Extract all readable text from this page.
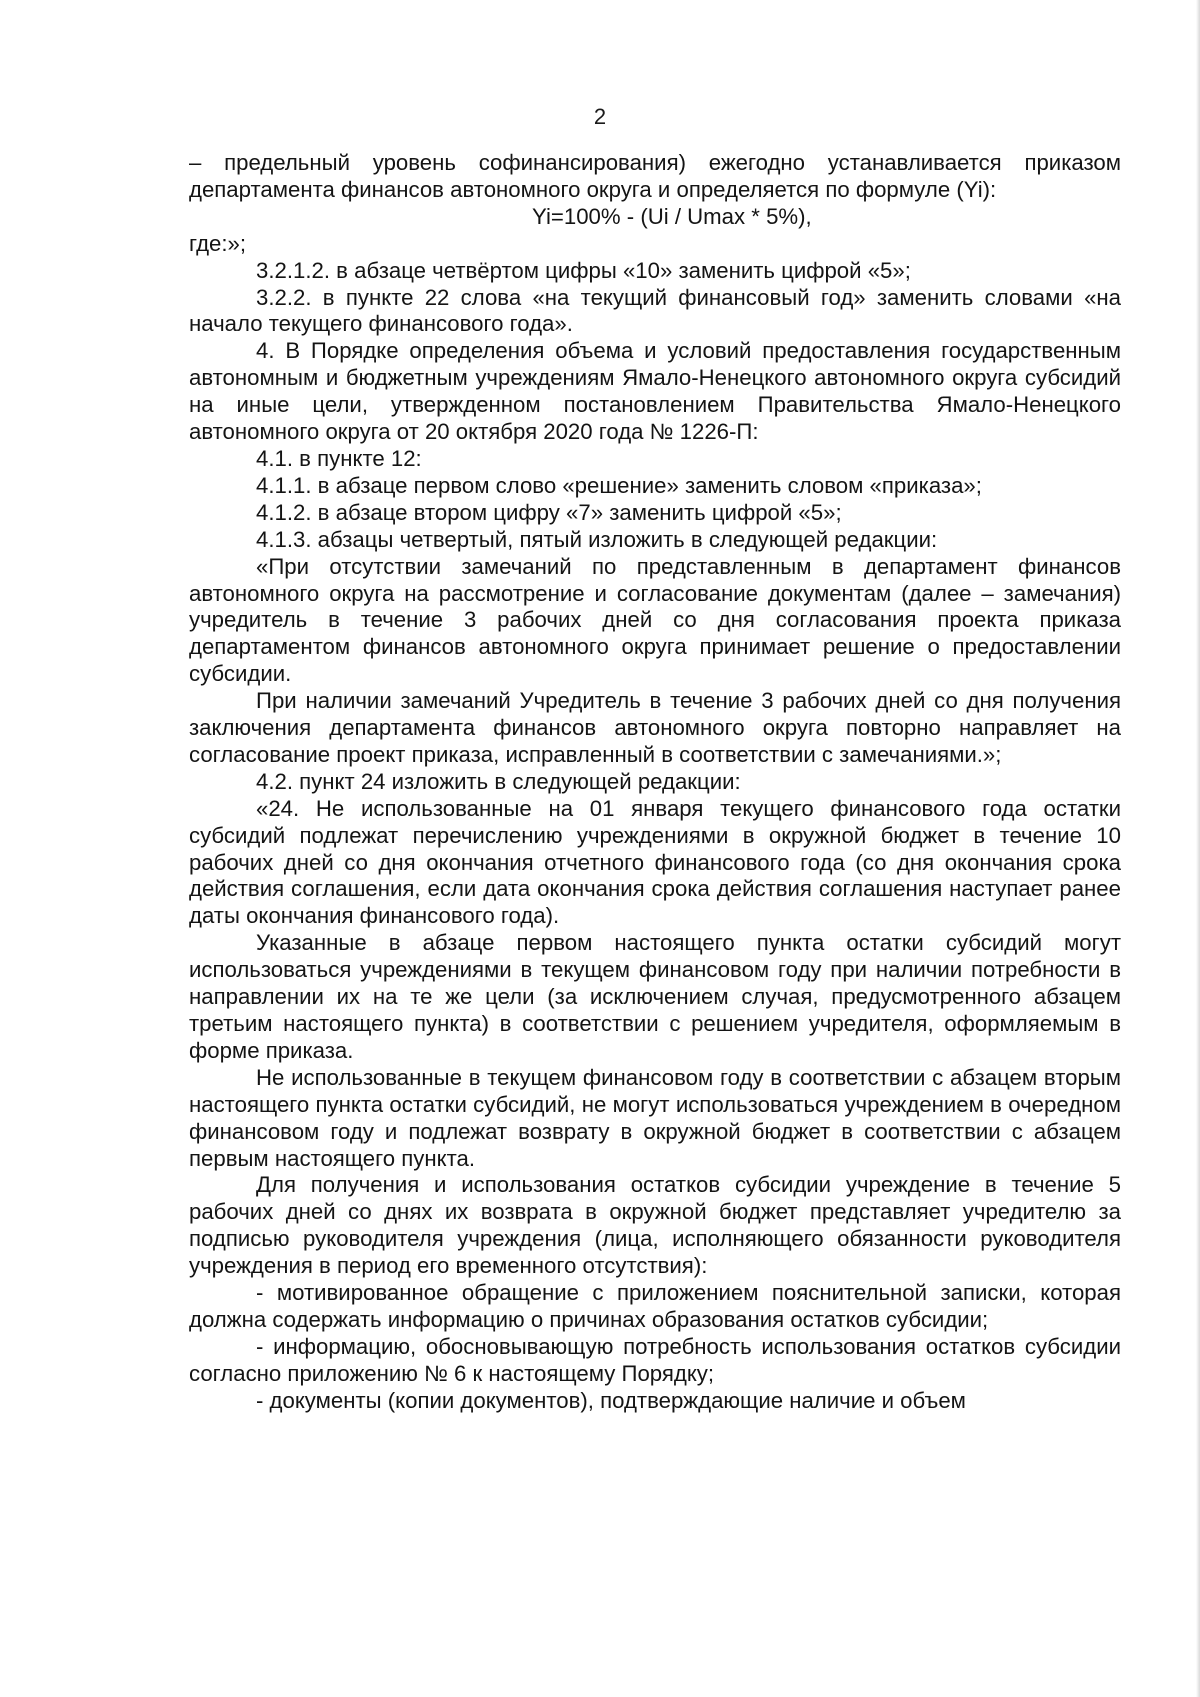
2

– предельный уровень софинансирования) ежегодно устанавливается приказом департамента финансов автономного округа и определяется по формуле (Yi):

Yi=100% - (Ui / Umax * 5%),

где:»;

3.2.1.2. в абзаце четвёртом цифры «10» заменить цифрой «5»;

3.2.2. в пункте 22 слова «на текущий финансовый год» заменить словами «на начало текущего финансового года».

4. В Порядке определения объема и условий предоставления государственным автономным и бюджетным учреждениям Ямало-Ненецкого автономного округа субсидий на иные цели, утвержденном постановлением Правительства Ямало-Ненецкого автономного округа от 20 октября 2020 года № 1226-П:

4.1. в пункте 12:

4.1.1. в абзаце первом слово «решение» заменить словом «приказа»;

4.1.2. в абзаце втором цифру «7» заменить цифрой «5»;

4.1.3. абзацы четвертый, пятый изложить в следующей редакции:

«При отсутствии замечаний по представленным в департамент финансов автономного округа на рассмотрение и согласование документам (далее – замечания) учредитель в течение 3 рабочих дней со дня согласования проекта приказа департаментом финансов автономного округа принимает решение о предоставлении субсидии.

При наличии замечаний Учредитель в течение 3 рабочих дней со дня получения заключения департамента финансов автономного округа повторно направляет на согласование проект приказа, исправленный в соответствии с замечаниями.»;

4.2. пункт 24 изложить в следующей редакции:

«24. Не использованные на 01 января текущего финансового года остатки субсидий подлежат перечислению учреждениями в окружной бюджет в течение 10 рабочих дней со дня окончания отчетного финансового года (со дня окончания срока действия соглашения, если дата окончания срока действия соглашения наступает ранее даты окончания финансового года).

Указанные в абзаце первом настоящего пункта остатки субсидий могут использоваться учреждениями в текущем финансовом году при наличии потребности в направлении их на те же цели (за исключением случая, предусмотренного абзацем третьим настоящего пункта) в соответствии с решением учредителя, оформляемым в форме приказа.

Не использованные в текущем финансовом году в соответствии с абзацем вторым настоящего пункта остатки субсидий, не могут использоваться учреждением в очередном финансовом году и подлежат возврату в окружной бюджет в соответствии с абзацем первым настоящего пункта.

Для получения и использования остатков субсидии учреждение в течение 5 рабочих дней со днях их возврата в окружной бюджет представляет учредителю за подписью руководителя учреждения (лица, исполняющего обязанности руководителя учреждения в период его временного отсутствия):

- мотивированное обращение с приложением пояснительной записки, которая должна содержать информацию о причинах образования остатков субсидии;

- информацию, обосновывающую потребность использования остатков субсидии согласно приложению № 6 к настоящему Порядку;

- документы (копии документов), подтверждающие наличие и объем
